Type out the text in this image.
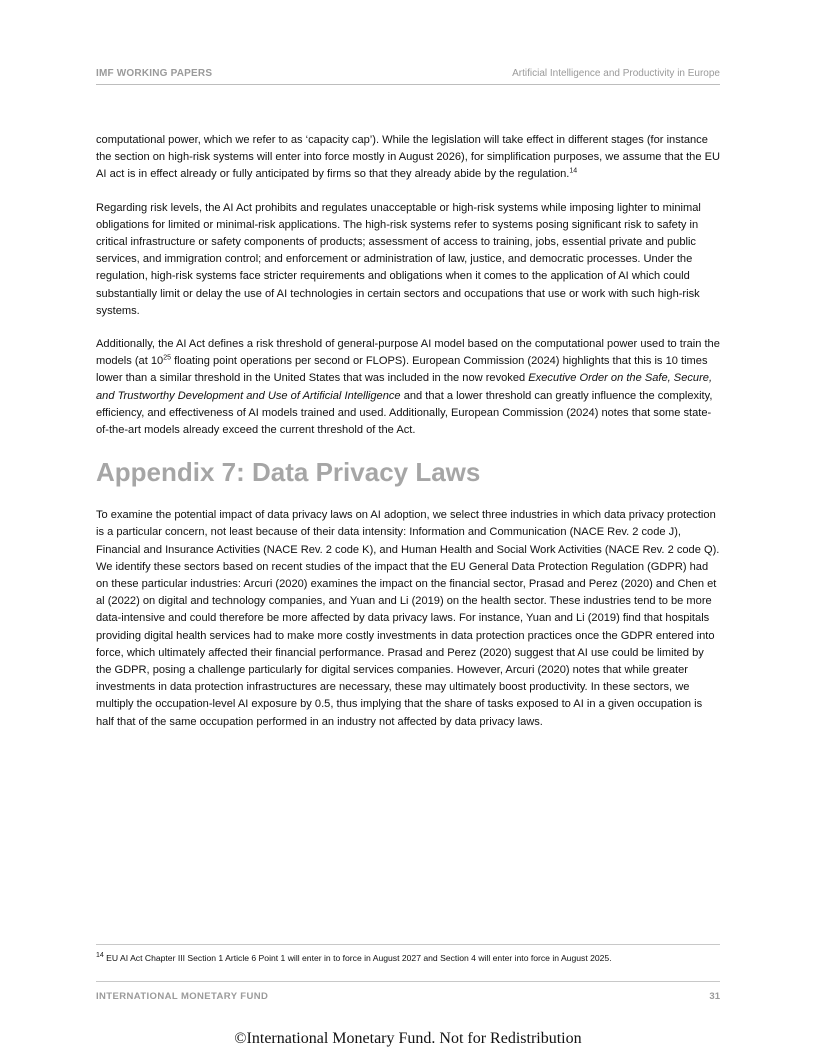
IMF WORKING PAPERS	Artificial Intelligence and Productivity in Europe

computational power, which we refer to as ‘capacity cap’). While the legislation will take effect in different stages (for instance the section on high-risk systems will enter into force mostly in August 2026), for simplification purposes, we assume that the EU AI act is in effect already or fully anticipated by firms so that they already abide by the regulation.$^{14}$

Regarding risk levels, the AI Act prohibits and regulates unacceptable or high-risk systems while imposing lighter to minimal obligations for limited or minimal-risk applications. The high-risk systems refer to systems posing significant risk to safety in critical infrastructure or safety components of products; assessment of access to training, jobs, essential private and public services, and immigration control; and enforcement or administration of law, justice, and democratic processes. Under the regulation, high-risk systems face stricter requirements and obligations when it comes to the application of AI which could substantially limit or delay the use of AI technologies in certain sectors and occupations that use or work with such high-risk systems.

Additionally, the AI Act defines a risk threshold of general-purpose AI model based on the computational power used to train the models (at $10^{25}$ floating point operations per second or FLOPS). European Commission (2024) highlights that this is 10 times lower than a similar threshold in the United States that was included in the now revoked Executive Order on the Safe, Secure, and Trustworthy Development and Use of Artificial Intelligence and that a lower threshold can greatly influence the complexity, efficiency, and effectiveness of AI models trained and used. Additionally, European Commission (2024) notes that some state-of-the-art models already exceed the current threshold of the Act.

Appendix 7: Data Privacy Laws

To examine the potential impact of data privacy laws on AI adoption, we select three industries in which data privacy protection is a particular concern, not least because of their data intensity: Information and Communication (NACE Rev. 2 code J), Financial and Insurance Activities (NACE Rev. 2 code K), and Human Health and Social Work Activities (NACE Rev. 2 code Q). We identify these sectors based on recent studies of the impact that the EU General Data Protection Regulation (GDPR) had on these particular industries: Arcuri (2020) examines the impact on the financial sector, Prasad and Perez (2020) and Chen et al (2022) on digital and technology companies, and Yuan and Li (2019) on the health sector. These industries tend to be more data-intensive and could therefore be more affected by data privacy laws. For instance, Yuan and Li (2019) find that hospitals providing digital health services had to make more costly investments in data protection practices once the GDPR entered into force, which ultimately affected their financial performance. Prasad and Perez (2020) suggest that AI use could be limited by the GDPR, posing a challenge particularly for digital services companies. However, Arcuri (2020) notes that while greater investments in data protection infrastructures are necessary, these may ultimately boost productivity. In these sectors, we multiply the occupation-level AI exposure by 0.5, thus implying that the share of tasks exposed to AI in a given occupation is half that of the same occupation performed in an industry not affected by data privacy laws.

$^{14}$ EU AI Act Chapter III Section 1 Article 6 Point 1 will enter in to force in August 2027 and Section 4 will enter into force in August 2025.
INTERNATIONAL MONETARY FUND	31
©International Monetary Fund. Not for Redistribution
